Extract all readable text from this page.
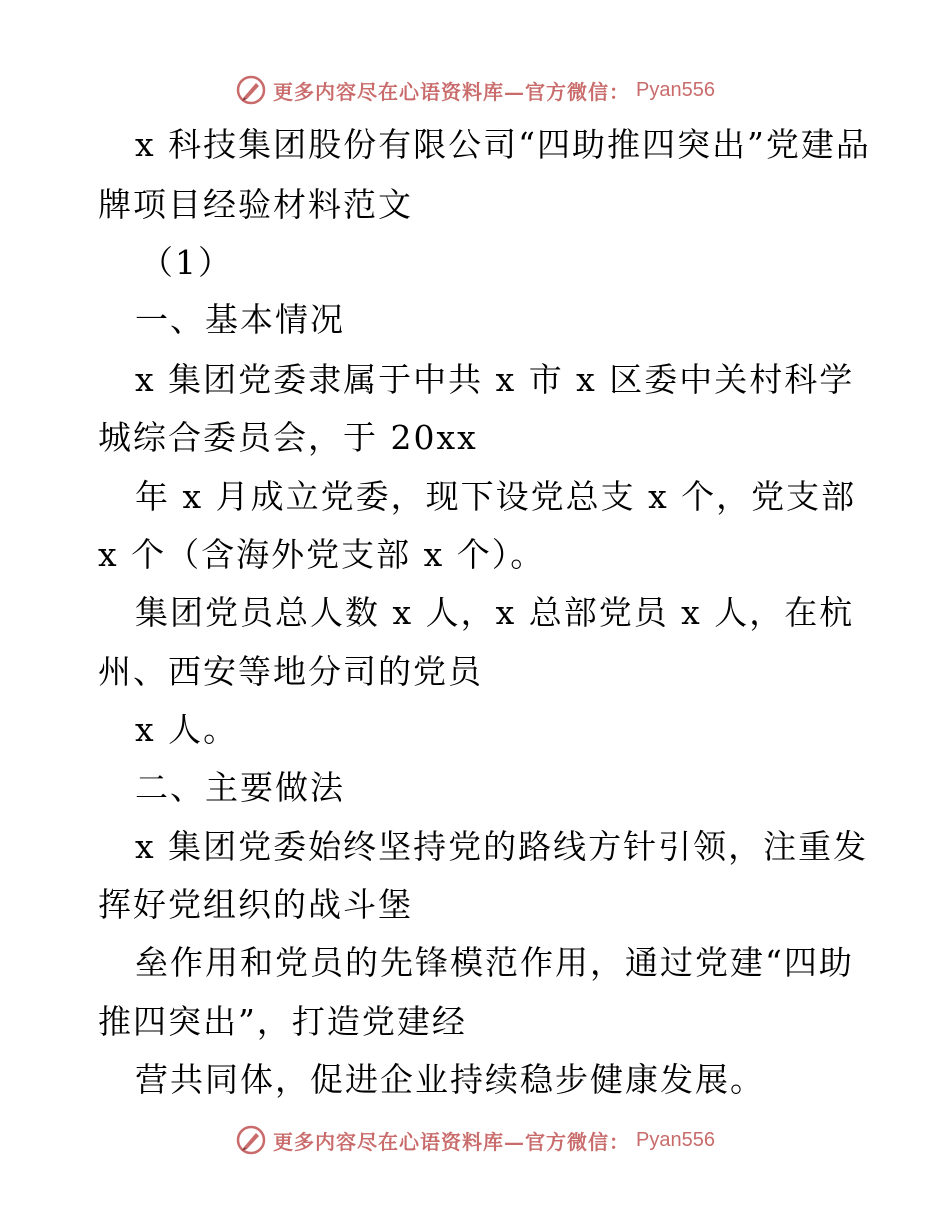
更多内容尽在心语资料库—官方微信： Pyan556
x 科技集团股份有限公司“四助推四突出”党建品
牌项目经验材料范文
（1）
一、基本情况
x 集团党委隶属于中共 x 市 x 区委中关村科学
城综合委员会，于 20xx
年 x 月成立党委，现下设党总支 x 个，党支部
x 个（含海外党支部 x 个）。
集团党员总人数 x 人，x 总部党员 x 人，在杭
州、西安等地分司的党员
x 人。
二、主要做法
x 集团党委始终坚持党的路线方针引领，注重发
挥好党组织的战斗堡
垒作用和党员的先锋模范作用，通过党建“四助
推四突出”，打造党建经
营共同体，促进企业持续稳步健康发展。
更多内容尽在心语资料库—官方微信： Pyan556
